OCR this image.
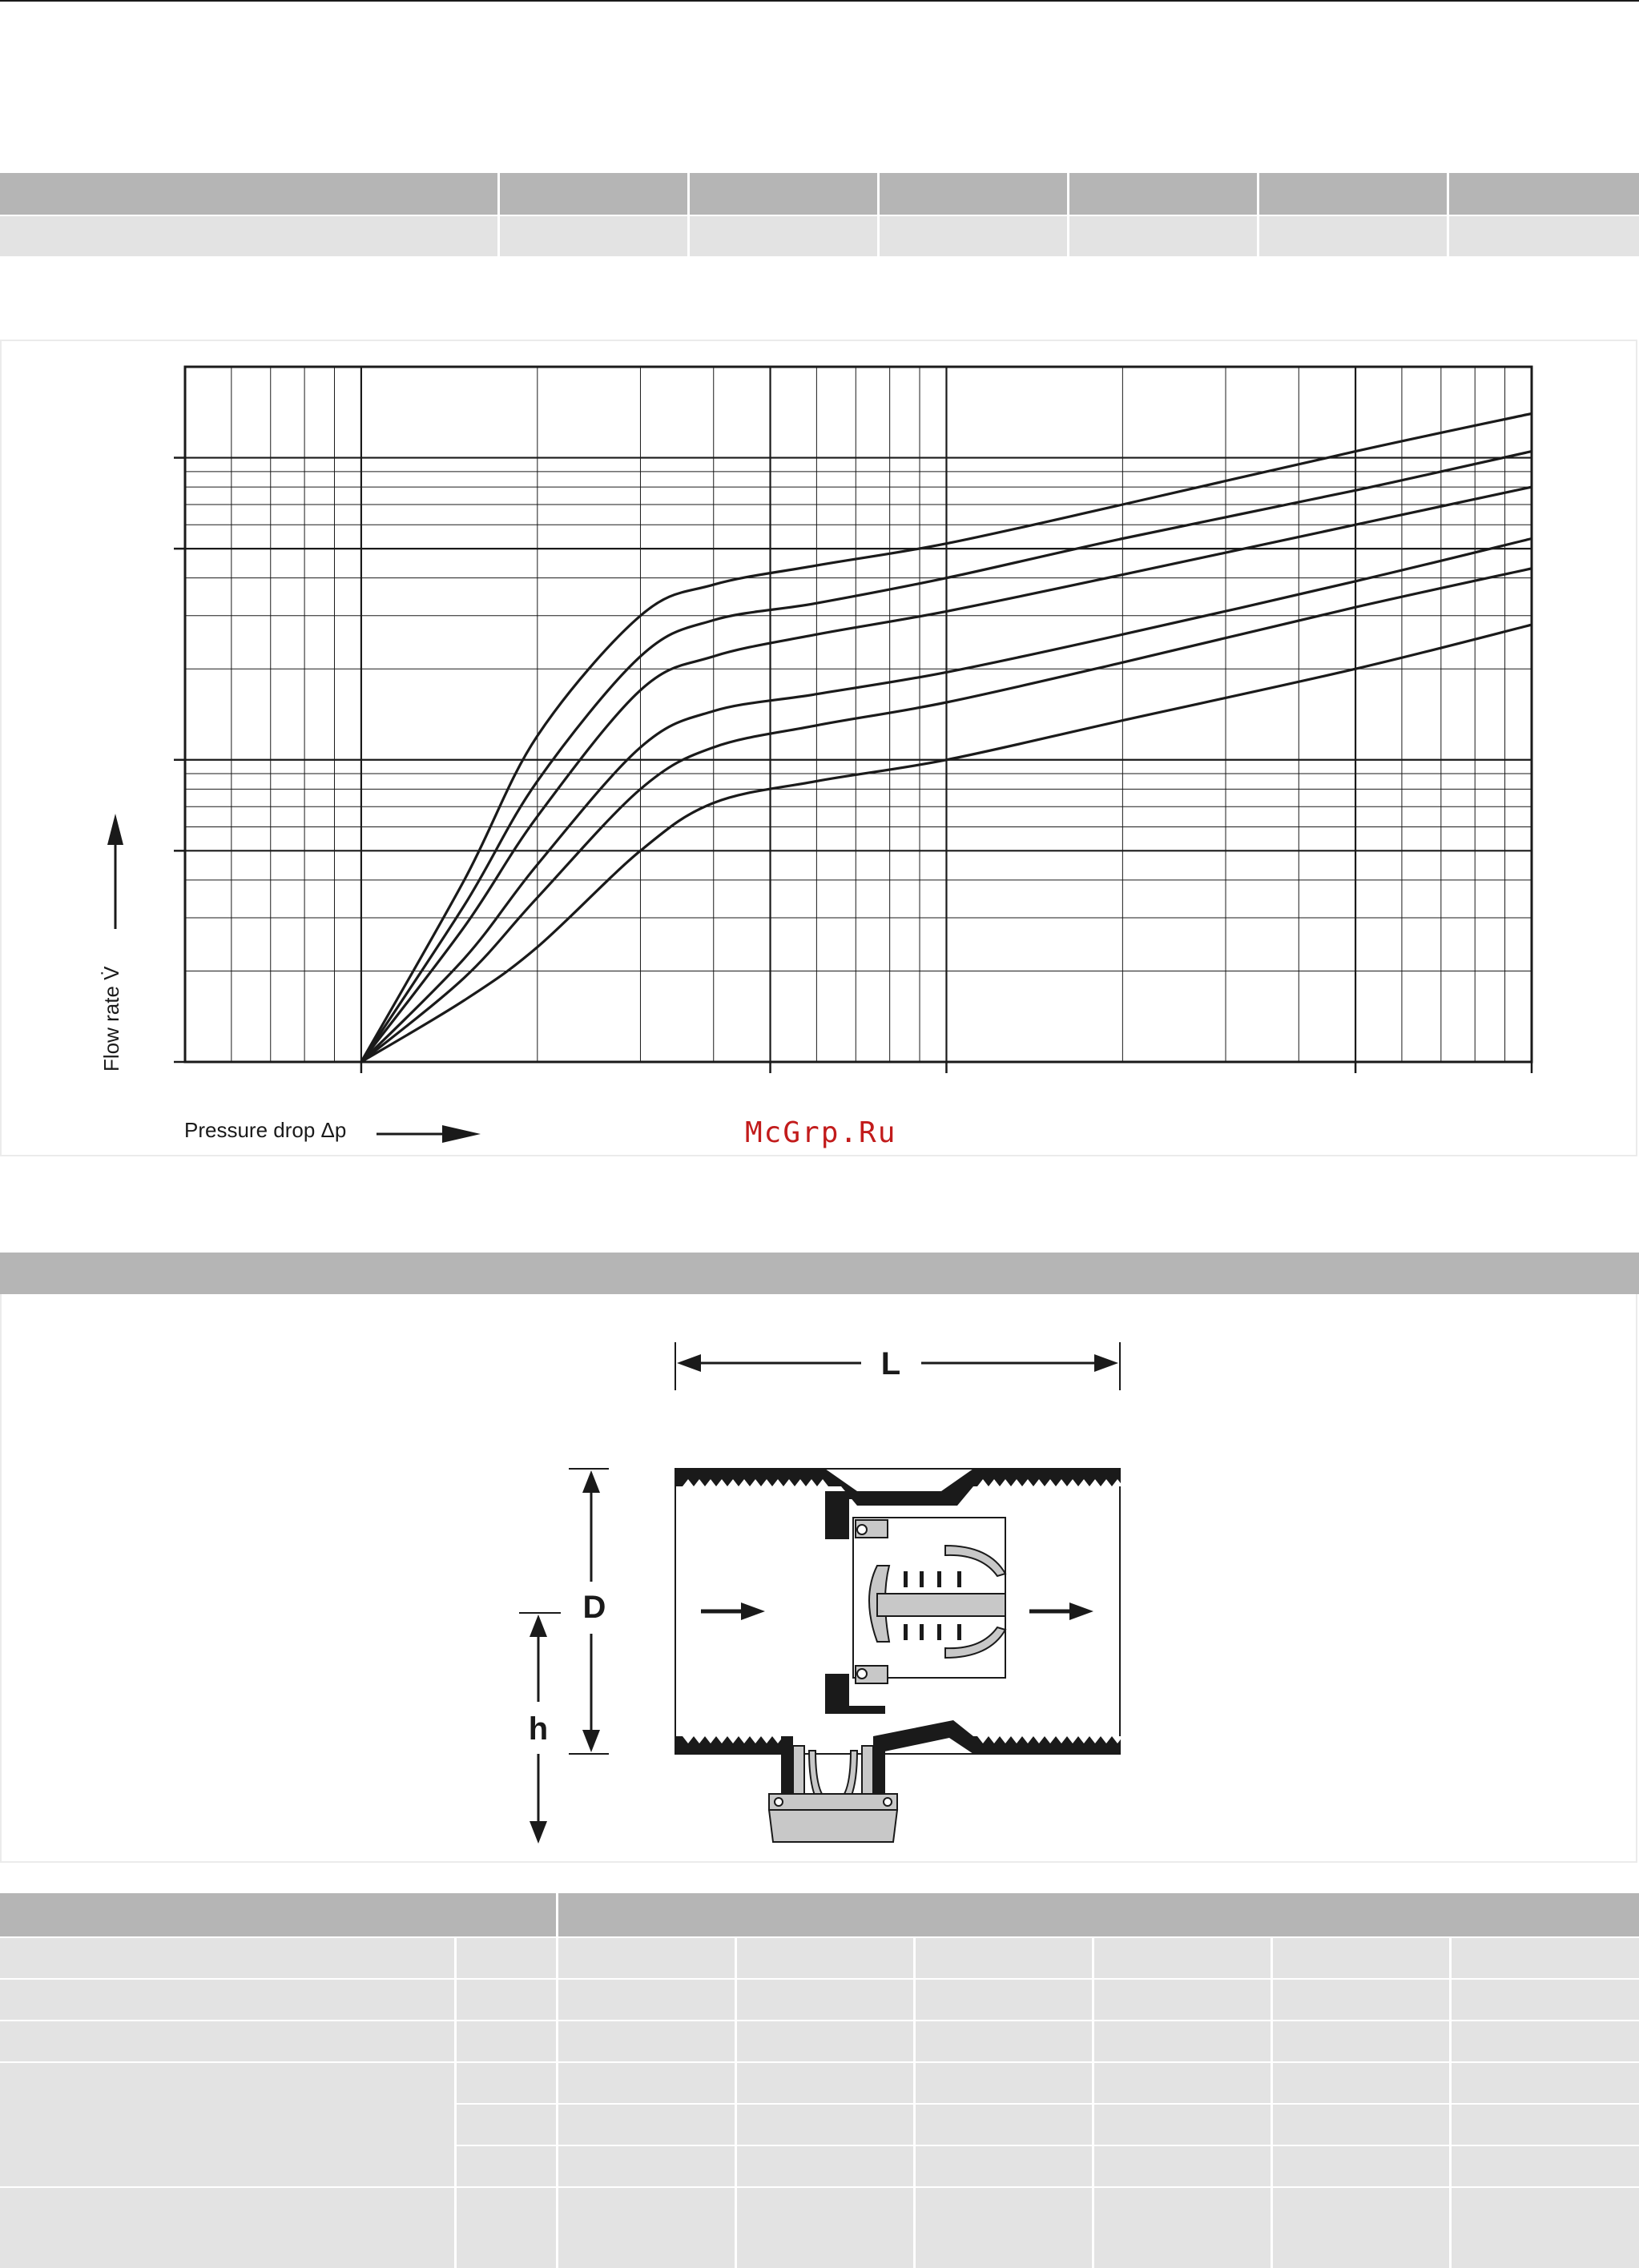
Flow rate V̇
Pressure drop Δp	McGrp.Ru
L
D
h
